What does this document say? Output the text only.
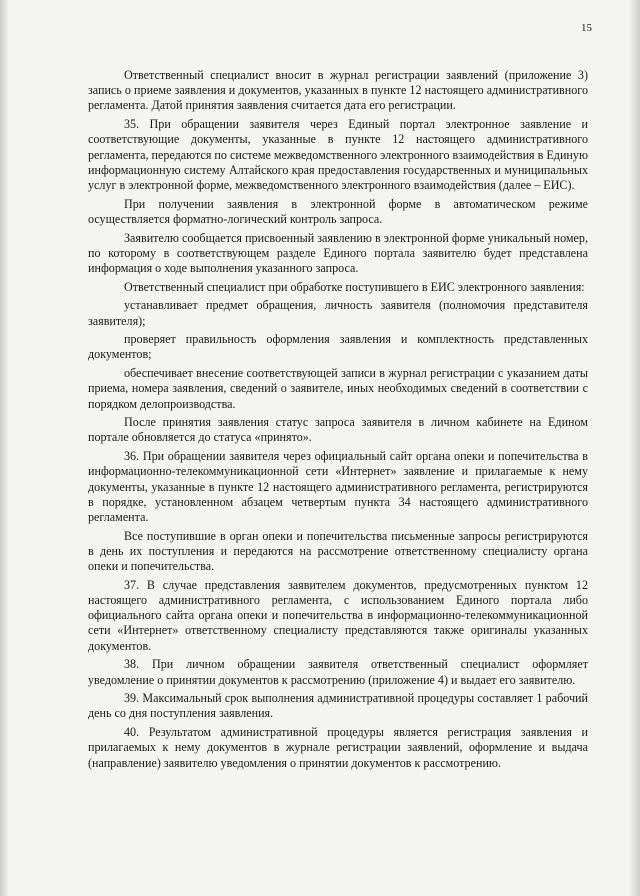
15

Ответственный специалист вносит в журнал регистрации заявлений (приложение 3) запись о приеме заявления и документов, указанных в пункте 12 настоящего административного регламента. Датой принятия заявления считается дата его регистрации.

35. При обращении заявителя через Единый портал электронное заявление и соответствующие документы, указанные в пункте 12 настоящего административного регламента, передаются по системе межведомственного электронного взаимодействия в Единую информационную систему Алтайского края предоставления государственных и муниципальных услуг в электронной форме, межведомственного электронного взаимодействия (далее – ЕИС).

При получении заявления в электронной форме в автоматическом режиме осуществляется форматно-логический контроль запроса.

Заявителю сообщается присвоенный заявлению в электронной форме уникальный номер, по которому в соответствующем разделе Единого портала заявителю будет представлена информация о ходе выполнения указанного запроса.

Ответственный специалист при обработке поступившего в ЕИС электронного заявления:

устанавливает предмет обращения, личность заявителя (полномочия представителя заявителя);

проверяет правильность оформления заявления и комплектность представленных документов;

обеспечивает внесение соответствующей записи в журнал регистрации с указанием даты приема, номера заявления, сведений о заявителе, иных необходимых сведений в соответствии с порядком делопроизводства.

После принятия заявления статус запроса заявителя в личном кабинете на Едином портале обновляется до статуса «принято».

36. При обращении заявителя через официальный сайт органа опеки и попечительства в информационно-телекоммуникационной сети «Интернет» заявление и прилагаемые к нему документы, указанные в пункте 12 настоящего административного регламента, регистрируются в порядке, установленном абзацем четвертым пункта 34 настоящего административного регламента.

Все поступившие в орган опеки и попечительства письменные запросы регистрируются в день их поступления и передаются на рассмотрение ответственному специалисту органа опеки и попечительства.

37. В случае представления заявителем документов, предусмотренных пунктом 12 настоящего административного регламента, с использованием Единого портала либо официального сайта органа опеки и попечительства в информационно-телекоммуникационной сети «Интернет» ответственному специалисту представляются также оригиналы указанных документов.

38. При личном обращении заявителя ответственный специалист оформляет уведомление о принятии документов к рассмотрению (приложение 4) и выдает его заявителю.

39. Максимальный срок выполнения административной процедуры составляет 1 рабочий день со дня поступления заявления.

40. Результатом административной процедуры является регистрация заявления и прилагаемых к нему документов в журнале регистрации заявлений, оформление и выдача (направление) заявителю уведомления о принятии документов к рассмотрению.
